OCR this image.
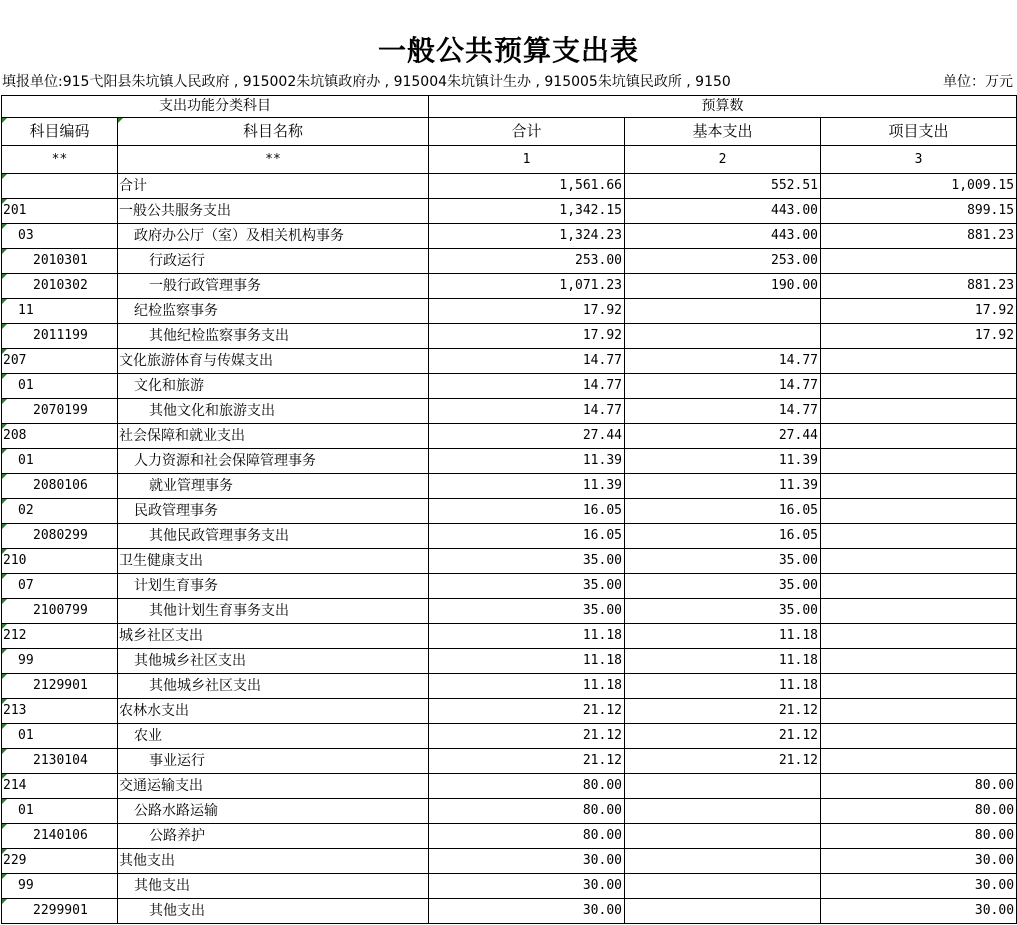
一般公共预算支出表
填报单位:915弋阳县朱坑镇人民政府 , 915002朱坑镇政府办 , 915004朱坑镇计生办 , 915005朱坑镇民政所 , 9150	单位：万元
支出功能分类科目		预算数		
科目编码	科目名称	合计	基本支出	项目支出
**	**	1	2	3
	合计	1,561.66	552.51	1,009.15
201	一般公共服务支出	1,342.15	443.00	899.15
03	政府办公厅（室）及相关机构事务	1,324.23	443.00	881.23
2010301	行政运行	253.00	253.00	
2010302	一般行政管理事务	1,071.23	190.00	881.23
11	纪检监察事务	17.92		17.92
2011199	其他纪检监察事务支出	17.92		17.92
207	文化旅游体育与传媒支出	14.77	14.77	
01	文化和旅游	14.77	14.77	
2070199	其他文化和旅游支出	14.77	14.77	
208	社会保障和就业支出	27.44	27.44	
01	人力资源和社会保障管理事务	11.39	11.39	
2080106	就业管理事务	11.39	11.39	
02	民政管理事务	16.05	16.05	
2080299	其他民政管理事务支出	16.05	16.05	
210	卫生健康支出	35.00	35.00	
07	计划生育事务	35.00	35.00	
2100799	其他计划生育事务支出	35.00	35.00	
212	城乡社区支出	11.18	11.18	
99	其他城乡社区支出	11.18	11.18	
2129901	其他城乡社区支出	11.18	11.18	
213	农林水支出	21.12	21.12	
01	农业	21.12	21.12	
2130104	事业运行	21.12	21.12	
214	交通运输支出	80.00		80.00
01	公路水路运输	80.00		80.00
2140106	公路养护	80.00		80.00
229	其他支出	30.00		30.00
99	其他支出	30.00		30.00
2299901	其他支出	30.00		30.00
